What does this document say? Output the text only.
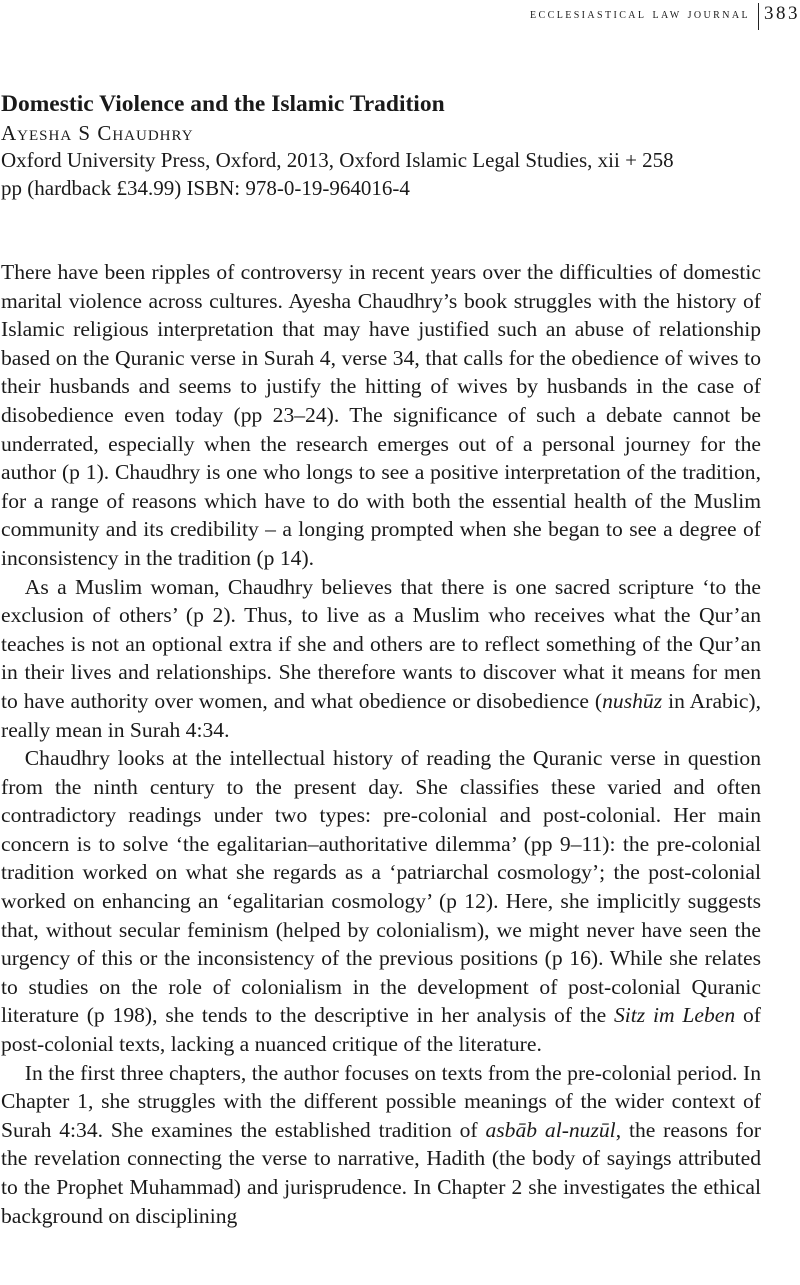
ecclesiastical law journal 383
Domestic Violence and the Islamic Tradition
Ayesha S Chaudhry
Oxford University Press, Oxford, 2013, Oxford Islamic Legal Studies, xii + 258
pp (hardback £34.99) ISBN: 978-0-19-964016-4

There have been ripples of controversy in recent years over the difficulties of domestic marital violence across cultures. Ayesha Chaudhry’s book struggles with the history of Islamic religious interpretation that may have justified such an abuse of relationship based on the Quranic verse in Surah 4, verse 34, that calls for the obedience of wives to their husbands and seems to justify the hitting of wives by husbands in the case of disobedience even today (pp 23–24). The significance of such a debate cannot be underrated, especially when the research emerges out of a personal journey for the author (p 1). Chaudhry is one who longs to see a positive interpretation of the tradition, for a range of reasons which have to do with both the essential health of the Muslim community and its credibility – a longing prompted when she began to see a degree of inconsistency in the tradition (p 14).

As a Muslim woman, Chaudhry believes that there is one sacred scripture ‘to the exclusion of others’ (p 2). Thus, to live as a Muslim who receives what the Qur’an teaches is not an optional extra if she and others are to reflect something of the Qur’an in their lives and relationships. She therefore wants to discover what it means for men to have authority over women, and what obedience or disobedience (nushūz in Arabic), really mean in Surah 4:34.

Chaudhry looks at the intellectual history of reading the Quranic verse in question from the ninth century to the present day. She classifies these varied and often contradictory readings under two types: pre-colonial and post-colonial. Her main concern is to solve ‘the egalitarian–authoritative dilemma’ (pp 9–11): the pre-colonial tradition worked on what she regards as a ‘patriarchal cosmology’; the post-colonial worked on enhancing an ‘egalitarian cosmology’ (p 12). Here, she implicitly suggests that, without secular feminism (helped by colonialism), we might never have seen the urgency of this or the inconsistency of the previous positions (p 16). While she relates to studies on the role of colonialism in the development of post-colonial Quranic literature (p 198), she tends to the descriptive in her analysis of the Sitz im Leben of post-colonial texts, lacking a nuanced critique of the literature.

In the first three chapters, the author focuses on texts from the pre-colonial period. In Chapter 1, she struggles with the different possible meanings of the wider context of Surah 4:34. She examines the established tradition of asbāb al-nuzūl, the reasons for the revelation connecting the verse to narrative, Hadith (the body of sayings attributed to the Prophet Muhammad) and jurisprudence. In Chapter 2 she investigates the ethical background on disciplining
